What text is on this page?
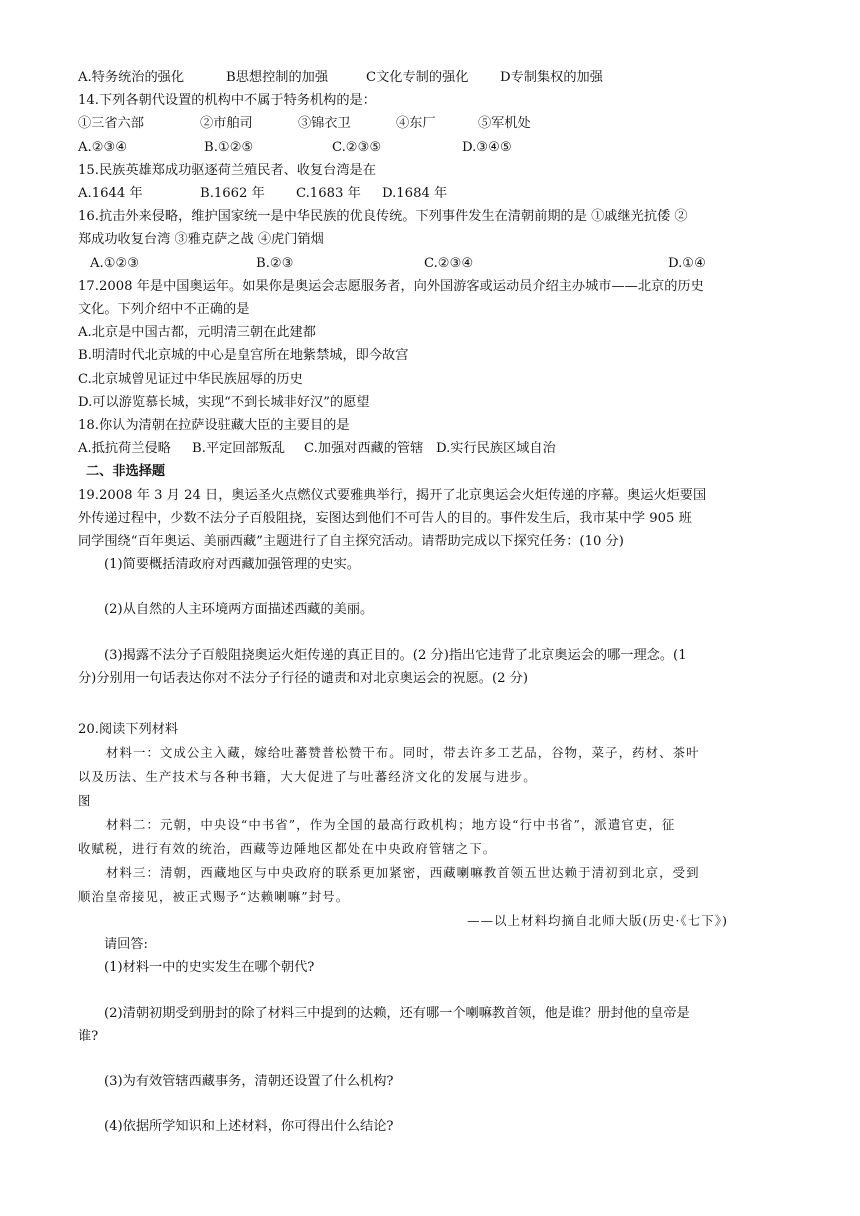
A.特务统治的强化	B思想控制的加强	C文化专制的强化	D专制集权的加强
14.下列各朝代设置的机构中不属于特务机构的是：
①三省六部	②市舶司	③锦衣卫	④东厂	⑤军机处
A.②③④	B.①②⑤	C.②③⑤	D.③④⑤
15.民族英雄郑成功驱逐荷兰殖民者、收复台湾是在
A.1644 年	B.1662 年	C.1683 年	D.1684 年
16.抗击外来侵略，维护国家统一是中华民族的优良传统。下列事件发生在清朝前期的是 ①戚继光抗倭 ②
郑成功收复台湾 ③雅克萨之战 ④虎门销烟
A.①②③	B.②③	C.②③④	D.①④
17.2008 年是中国奥运年。如果你是奥运会志愿服务者，向外国游客或运动员介绍主办城市——北京的历史
文化。下列介绍中不正确的是
A.北京是中国古都，元明清三朝在此建都
B.明清时代北京城的中心是皇宫所在地紫禁城，即今故宫
C.北京城曾见证过中华民族屈辱的历史
D.可以游览慕长城，实现“不到长城非好汉”的愿望
18.你认为清朝在拉萨设驻藏大臣的主要目的是
A.抵抗荷兰侵略	B.平定回部叛乱	C.加强对西藏的管辖 D.实行民族区域自治
二、非选择题
19.2008 年 3 月 24 日，奥运圣火点燃仪式要雅典举行，揭开了北京奥运会火炬传递的序幕。奥运火炬要国
外传递过程中，少数不法分子百般阻挠，妄图达到他们不可告人的目的。事件发生后，我市某中学 905 班
同学围绕“百年奥运、美丽西藏”主题进行了自主探究活动。请帮助完成以下探究任务：(10 分)
(1)简要概括清政府对西藏加强管理的史实。
(2)从自然的人主环境两方面描述西藏的美丽。
(3)揭露不法分子百般阻挠奥运火炬传递的真正目的。(2 分)指出它违背了北京奥运会的哪一理念。(1
分)分别用一句话表达你对不法分子行径的谴责和对北京奥运会的祝愿。(2 分)
20.阅读下列材料
材料一：文成公主入藏，嫁给吐蕃赞普松赞干布。同时，带去许多工艺品，谷物，菜子，药材、茶叶
以及历法、生产技术与各种书籍，大大促进了与吐蕃经济文化的发展与进步。
图
材料二：元朝，中央设“中书省”，作为全国的最高行政机构；地方设“行中书省”，派遣官吏，征
收赋税，进行有效的统治，西藏等边陲地区都处在中央政府管辖之下。
材料三：清朝，西藏地区与中央政府的联系更加紧密，西藏喇嘛教首领五世达赖于清初到北京，受到
顺治皇帝接见，被正式赐予“达赖喇嘛”封号。
——以上材料均摘自北师大版(历史·《七下》)
请回答:
(1)材料一中的史实发生在哪个朝代?
(2)清朝初期受到册封的除了材料三中提到的达赖，还有哪一个喇嘛教首领，他是谁？册封他的皇帝是
谁?
(3)为有效管辖西藏事务，清朝还设置了什么机构?
(4)依据所学知识和上述材料，你可得出什么结论?
